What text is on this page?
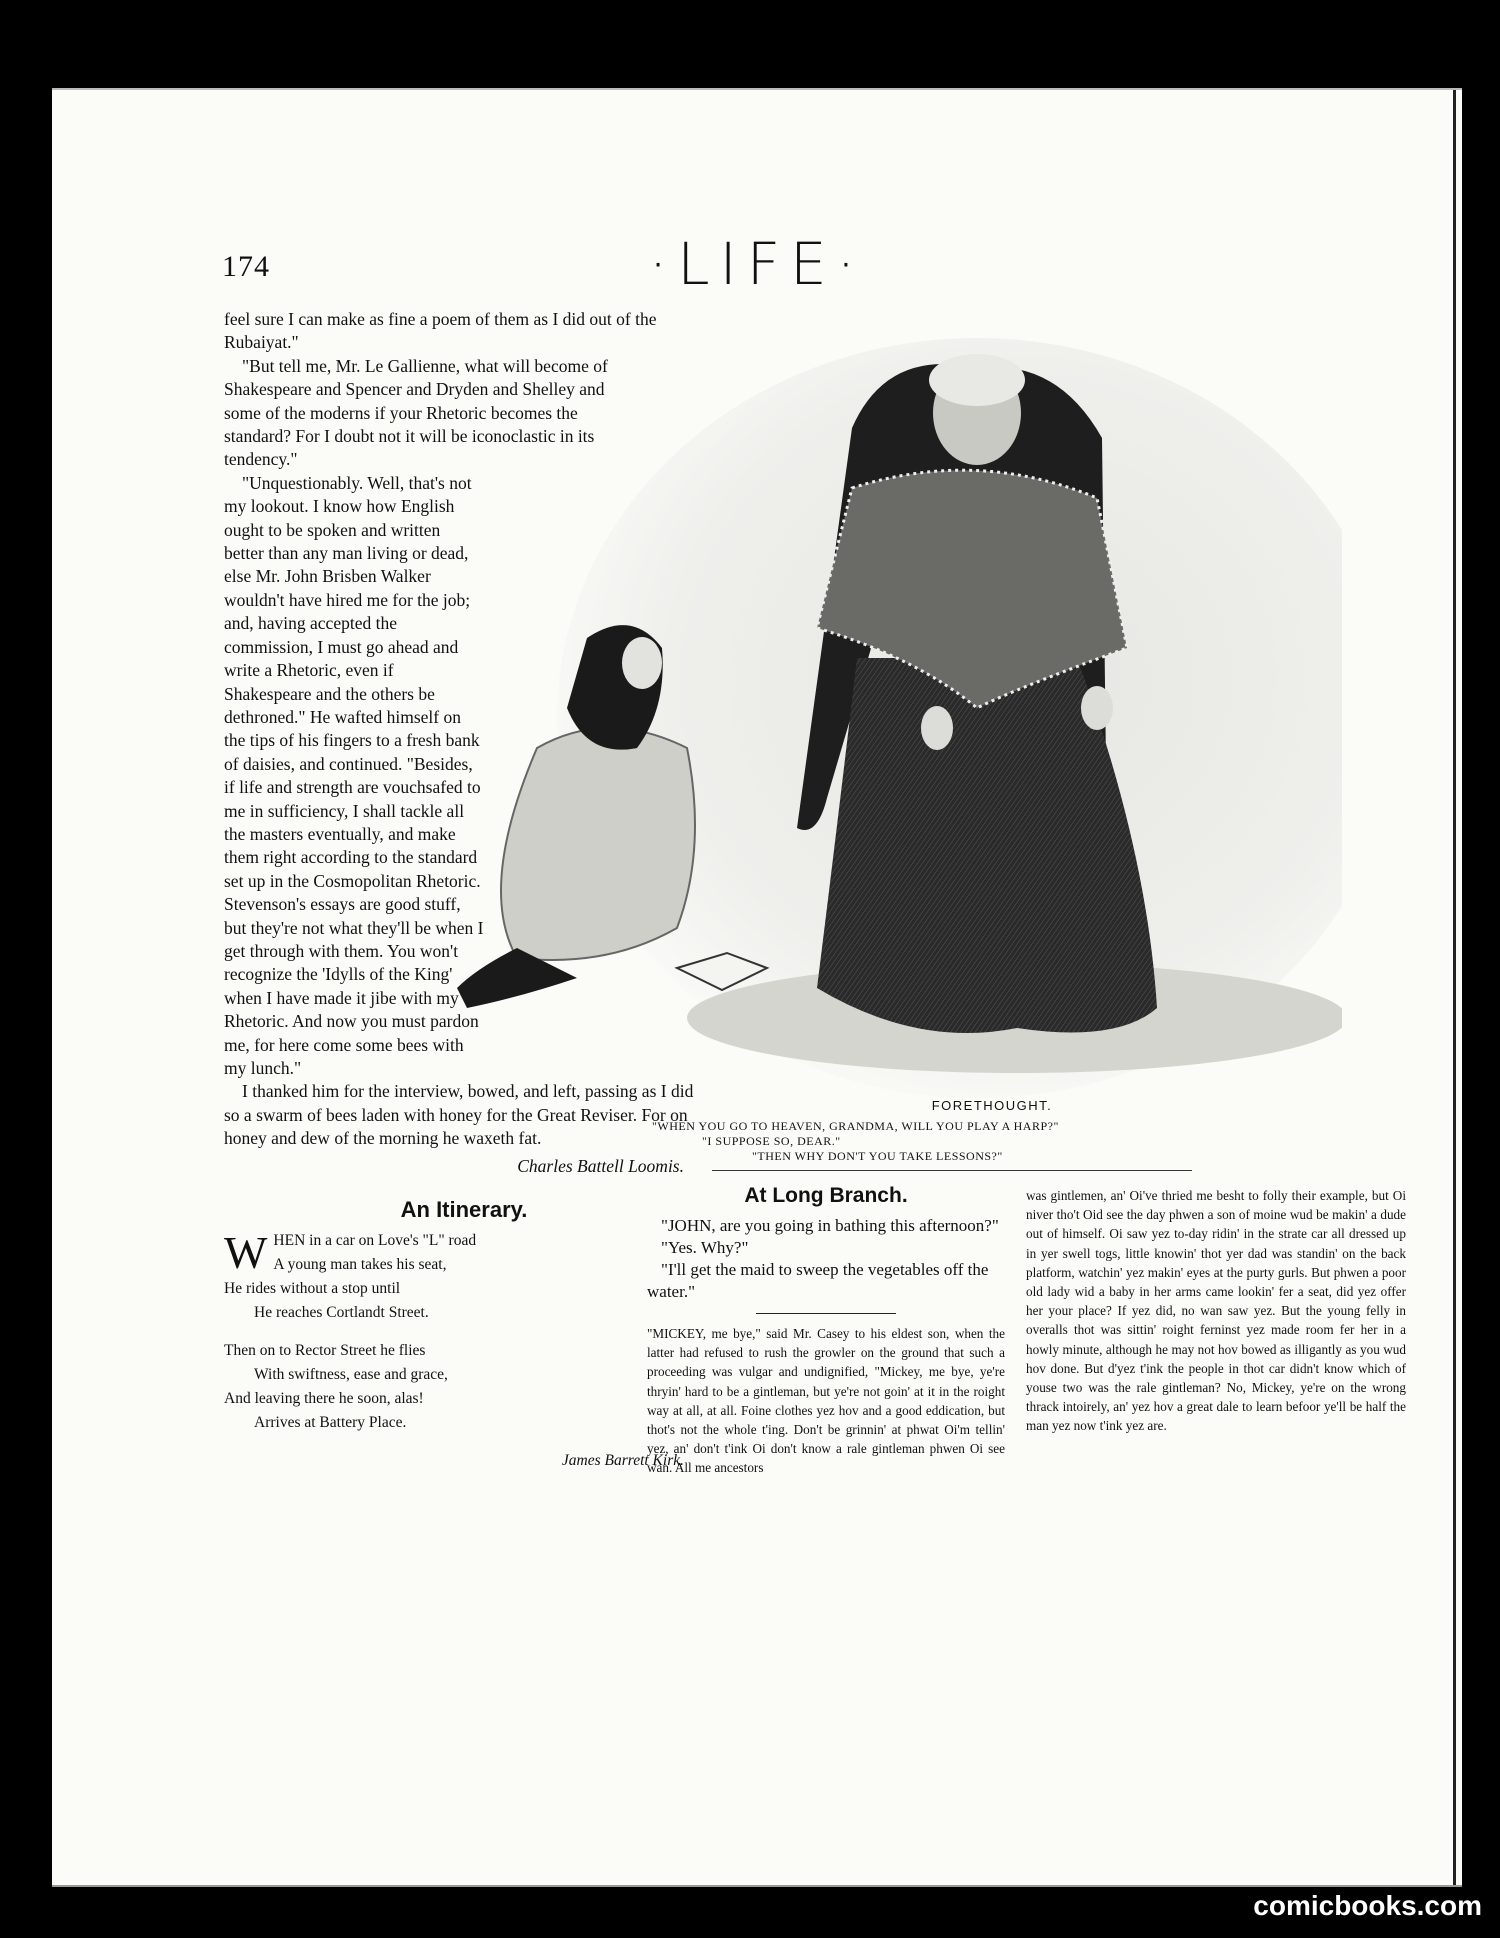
174	·LIFE·

feel sure I can make as fine a poem of them as I did out of the Rubaiyat."

"But tell me, Mr. Le Gallienne, what will become of Shakespeare and Spencer and Dryden and Shelley and some of the moderns if your Rhetoric becomes the standard? For I doubt not it will be iconoclastic in its tendency."

"Unquestionably. Well, that's not my lookout. I know how English ought to be spoken and written better than any man living or dead, else Mr. John Brisben Walker wouldn't have hired me for the job; and, having accepted the commission, I must go ahead and write a Rhetoric, even if Shakespeare and the others be dethroned." He wafted himself on the tips of his fingers to a fresh bank of daisies, and continued. "Besides, if life and strength are vouchsafed to me in sufficiency, I shall tackle all the masters eventually, and make them right according to the standard set up in the Cosmopolitan Rhetoric. Stevenson's essays are good stuff, but they're not what they'll be when I get through with them. You won't recognize the 'Idylls of the King' when I have made it jibe with my Rhetoric. And now you must pardon me, for here come some bees with my lunch."

I thanked him for the interview, bowed, and left, passing as I did so a swarm of bees laden with honey for the Great Reviser. For on honey and dew of the morning he waxeth fat.

Charles Battell Loomis.
An Itinerary.
W HEN in a car on Love's "L" road
A young man takes his seat,
He rides without a stop until
He reaches Cortlandt Street.
Then on to Rector Street he flies
With swiftness, ease and grace,
And leaving there he soon, alas!
Arrives at Battery Place.
James Barrett Kirk.
FORETHOUGHT.
"WHEN YOU GO TO HEAVEN, GRANDMA, WILL YOU PLAY A HARP?"
"I SUPPOSE SO, DEAR."
"THEN WHY DON'T YOU TAKE LESSONS?"
At Long Branch.

"JOHN, are you going in bathing this afternoon?"

"Yes. Why?"

"I'll get the maid to sweep the vegetables off the water."

"MICKEY, me bye," said Mr. Casey to his eldest son, when the latter had refused to rush the growler on the ground that such a proceeding was vulgar and undignified, "Mickey, me bye, ye're thryin' hard to be a gintleman, but ye're not goin' at it in the roight way at all, at all. Foine clothes yez hov and a good eddication, but thot's not the whole t'ing. Don't be grinnin' at phwat Oi'm tellin' yez, an' don't t'ink Oi don't know a rale gintleman phwen Oi see wan. All me ancestors
was gintlemen, an' Oi've thried me besht to folly their example, but Oi niver tho't Oid see the day phwen a son of moine wud be makin' a dude out of himself. Oi saw yez to-day ridin' in the strate car all dressed up in yer swell togs, little knowin' thot yer dad was standin' on the back platform, watchin' yez makin' eyes at the purty gurls. But phwen a poor old lady wid a baby in her arms came lookin' fer a seat, did yez offer her your place? If yez did, no wan saw yez. But the young felly in overalls thot was sittin' roight ferninst yez made room fer her in a howly minute, although he may not hov bowed as illigantly as you wud hov done. But d'yez t'ink the people in thot car didn't know which of youse two was the rale gintleman? No, Mickey, ye're on the wrong thrack intoirely, an' yez hov a great dale to learn befoor ye'll be half the man yez now t'ink yez are.
comicbooks.com
